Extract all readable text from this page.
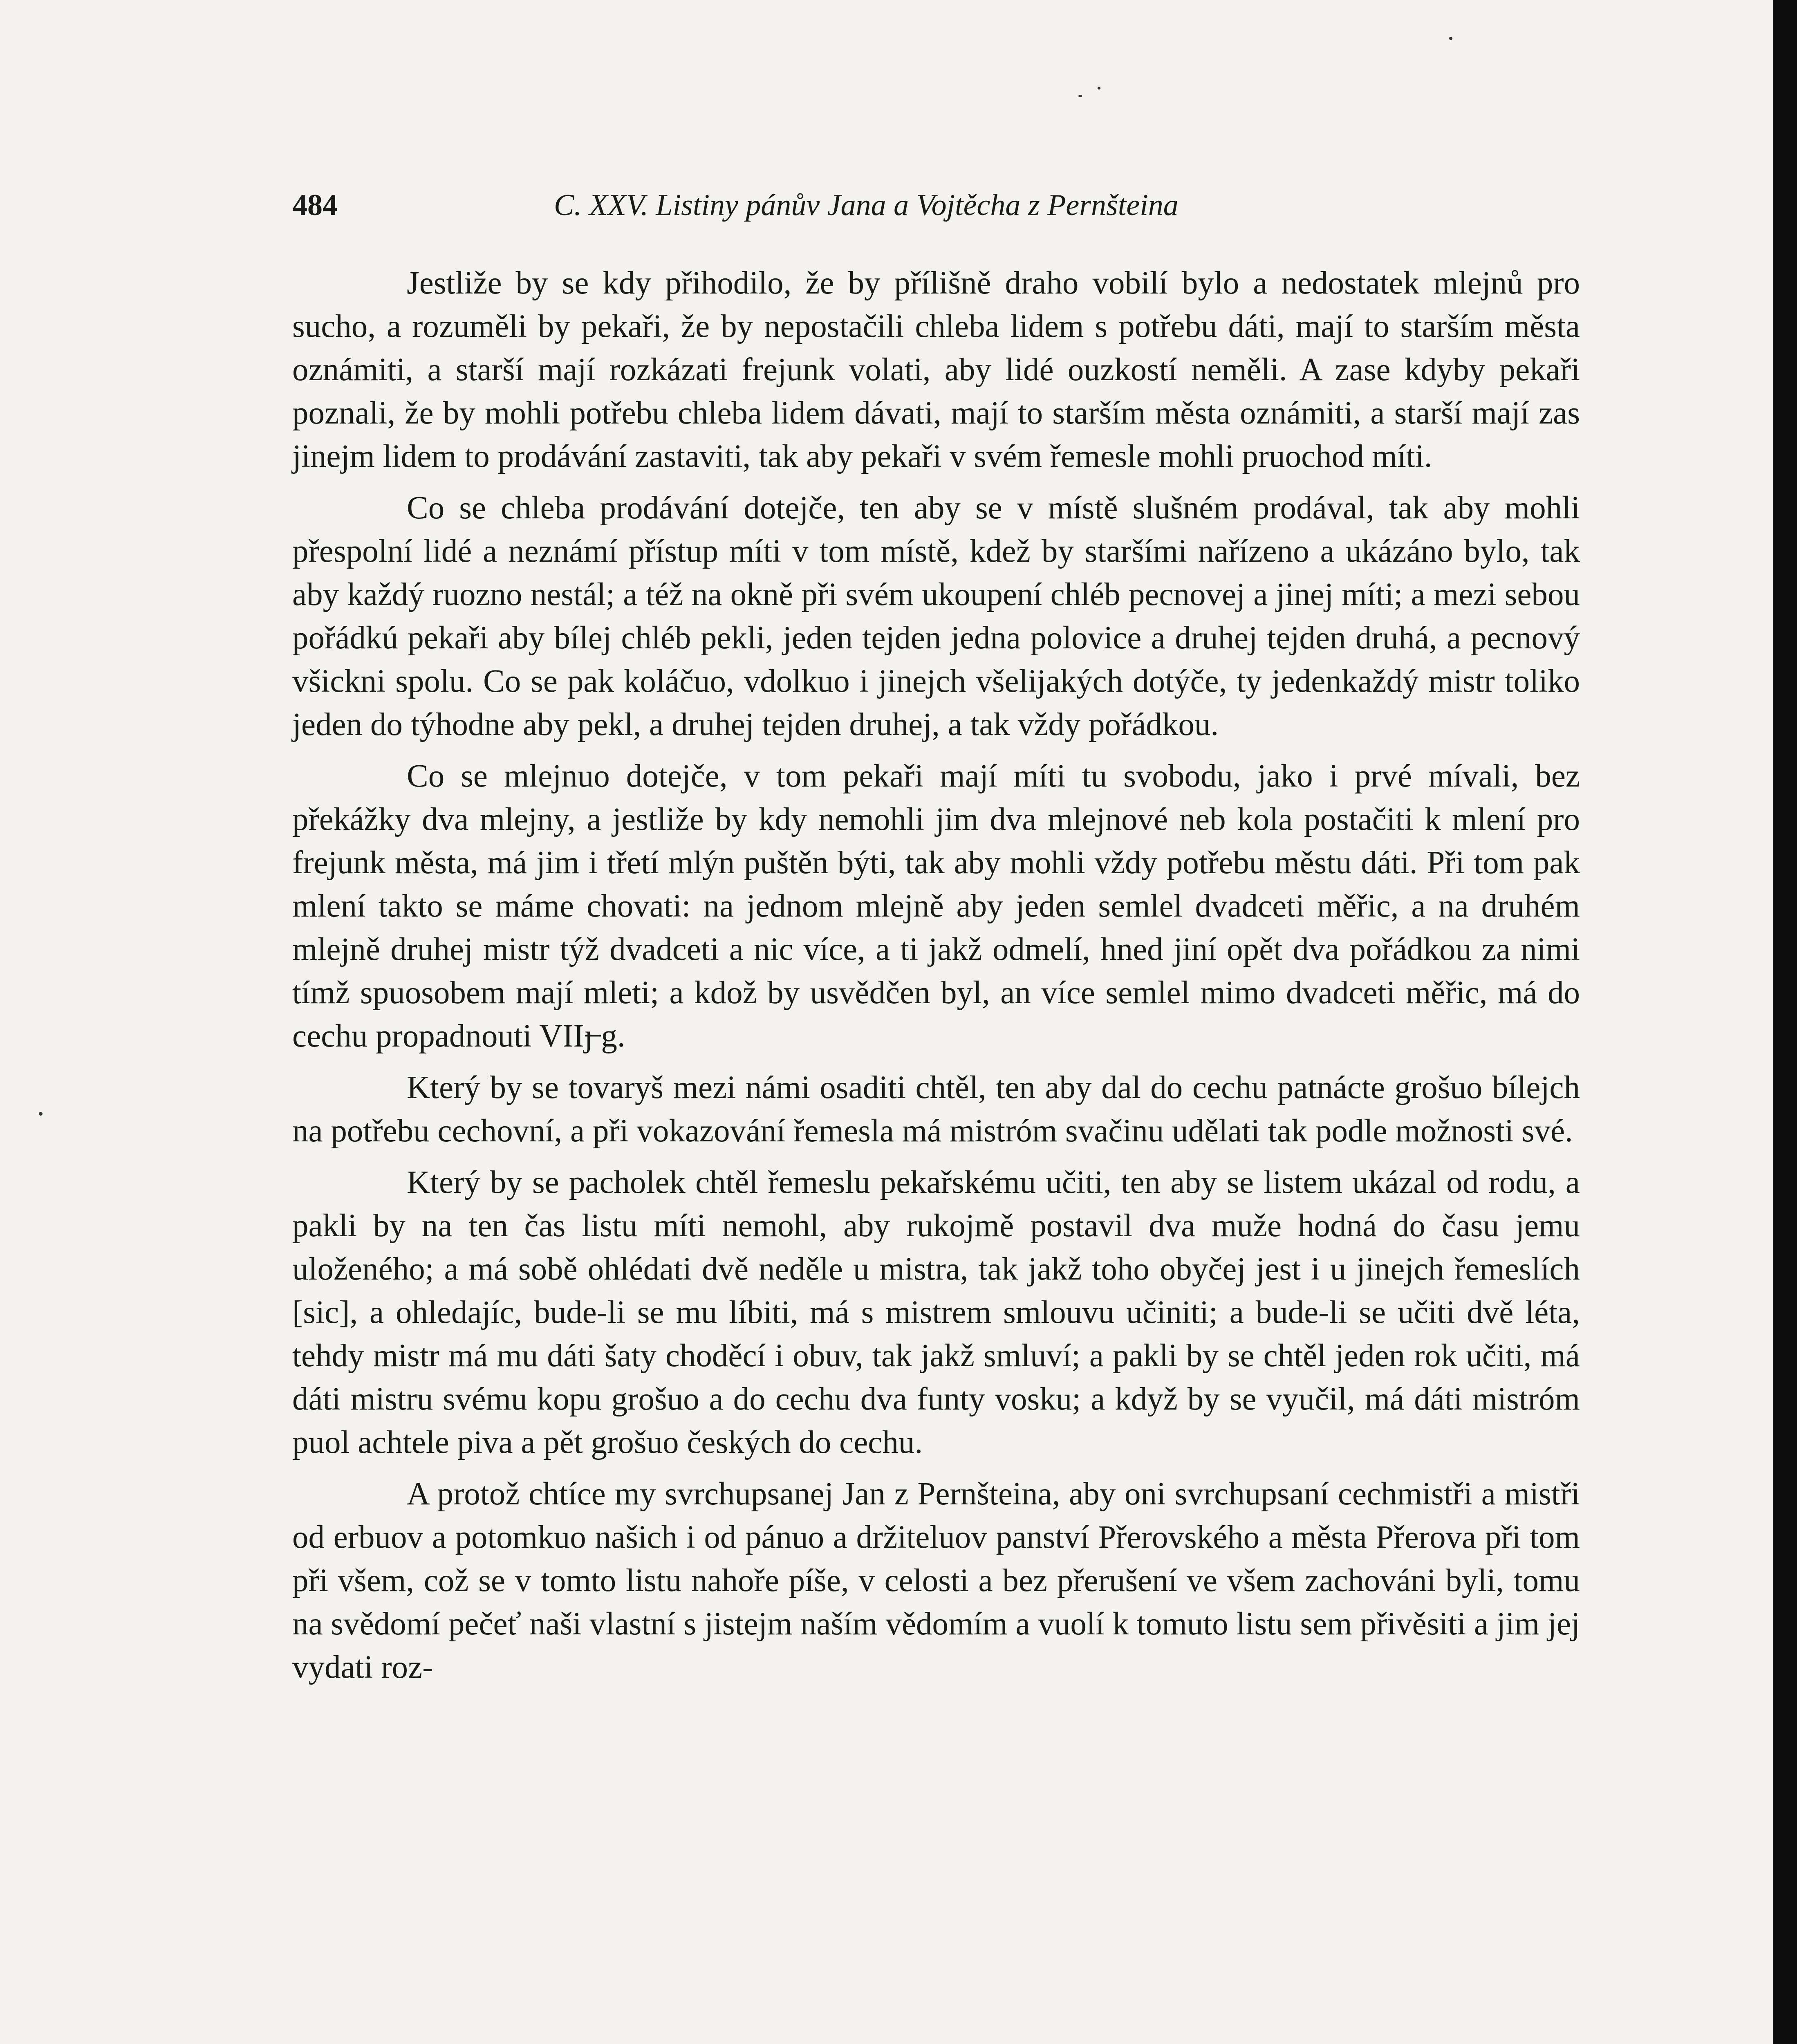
484	C. XXV. Listiny pánův Jana a Vojtěcha z Pernšteina

Jestliže by se kdy přihodilo, že by přílišně draho vobilí bylo a nedostatek mlejnů pro sucho, a rozuměli by pekaři, že by nepostačili chleba lidem s potřebu dáti, mají to starším města oznámiti, a starší mají rozkázati frejunk volati, aby lidé ouzkostí neměli. A zase kdyby pekaři poznali, že by mohli potřebu chleba lidem dávati, mají to starším města oznámiti, a starší mají zas jinejm lidem to prodávání zastaviti, tak aby pekaři v svém řemesle mohli pruochod míti.

Co se chleba prodávání dotejče, ten aby se v místě slušném prodával, tak aby mohli přespolní lidé a neznámí přístup míti v tom místě, kdež by staršími nařízeno a ukázáno bylo, tak aby každý ruozno nestál; a též na okně při svém ukoupení chléb pecnovej a jinej míti; a mezi sebou pořádkú pekaři aby bílej chléb pekli, jeden tejden jedna polovice a druhej tejden druhá, a pecnový všickni spolu. Co se pak koláčuo, vdolkuo i jinejch všelijakých dotýče, ty jedenkaždý mistr toliko jeden do týhodne aby pekl, a druhej tejden druhej, a tak vždy pořádkou.

Co se mlejnuo dotejče, v tom pekaři mají míti tu svobodu, jako i prvé mívali, bez překážky dva mlejny, a jestliže by kdy nemohli jim dva mlejnové neb kola postačiti k mlení pro frejunk města, má jim i třetí mlýn puštěn býti, tak aby mohli vždy potřebu městu dáti. Při tom pak mlení takto se máme chovati: na jednom mlejně aby jeden semlel dvadceti měřic, a na druhém mlejně druhej mistr týž dvadceti a nic více, a ti jakž odmelí, hned jiní opět dva pořádkou za nimi tímž spuosobem mají mleti; a kdož by usvědčen byl, an více semlel mimo dvadceti měřic, má do cechu propadnouti VIIȷ̶ g.

Který by se tovaryš mezi námi osaditi chtěl, ten aby dal do cechu patnácte grošuo bílejch na potřebu cechovní, a při vokazování řemesla má mistróm svačinu udělati tak podle možnosti své.

Který by se pacholek chtěl řemeslu pekařskému učiti, ten aby se listem ukázal od rodu, a pakli by na ten čas listu míti nemohl, aby rukojmě postavil dva muže hodná do času jemu uloženého; a má sobě ohlédati dvě neděle u mistra, tak jakž toho obyčej jest i u jinejch řemeslích [sic], a ohledajíc, bude-li se mu líbiti, má s mistrem smlouvu učiniti; a bude-li se učiti dvě léta, tehdy mistr má mu dáti šaty choděcí i obuv, tak jakž smluví; a pakli by se chtěl jeden rok učiti, má dáti mistru svému kopu grošuo a do cechu dva funty vosku; a když by se vyučil, má dáti mistróm puol achtele piva a pět grošuo českých do cechu.

A protož chtíce my svrchupsanej Jan z Pernšteina, aby oni svrchupsaní cechmistři a mistři od erbuov a potomkuo našich i od pánuo a držiteluov panství Přerovského a města Přerova při tom při všem, což se v tomto listu nahoře píše, v celosti a bez přerušení ve všem zachováni byli, tomu na svědomí pečeť naši vlastní s jistejm naším vědomím a vuolí k tomuto listu sem přivěsiti a jim jej vydati roz-
